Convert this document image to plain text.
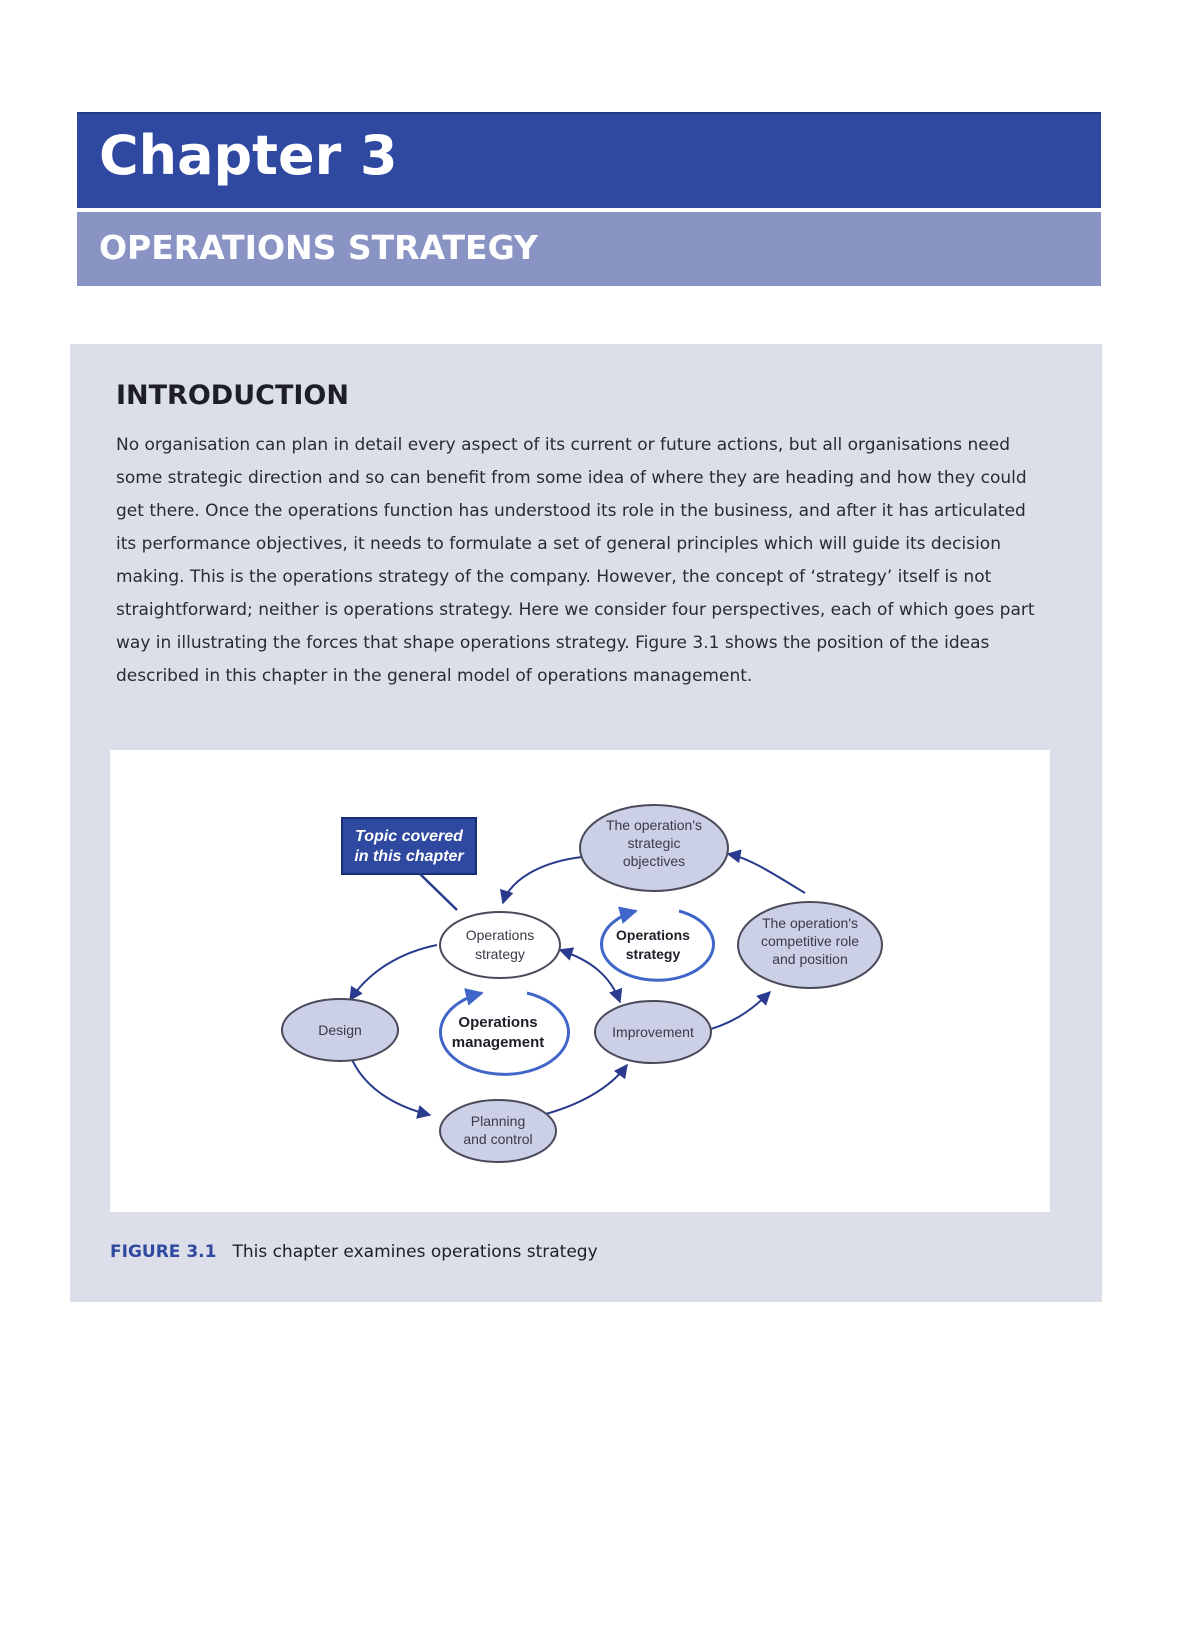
Chapter 3
OPERATIONS STRATEGY
INTRODUCTION

No organisation can plan in detail every aspect of its current or future actions, but all organisations need some strategic direction and so can benefit from some idea of where they are heading and how they could get there. Once the operations function has understood its role in the business, and after it has articulated its performance objectives, it needs to formulate a set of general principles which will guide its decision making. This is the operations strategy of the company. However, the concept of ‘strategy’ itself is not straightforward; neither is operations strategy. Here we consider four perspectives, each of which goes part way in illustrating the forces that shape operations strategy. Figure 3.1 shows the position of the ideas described in this chapter in the general model of operations management.

Topic covered
in this chapter
The operation's
strategic
objectives
Operations
strategy
The operation's
competitive role
and position
Design	Improvement
Planning
and control
Operations
strategy
Operations
management

FIGURE 3.1 This chapter examines operations strategy
